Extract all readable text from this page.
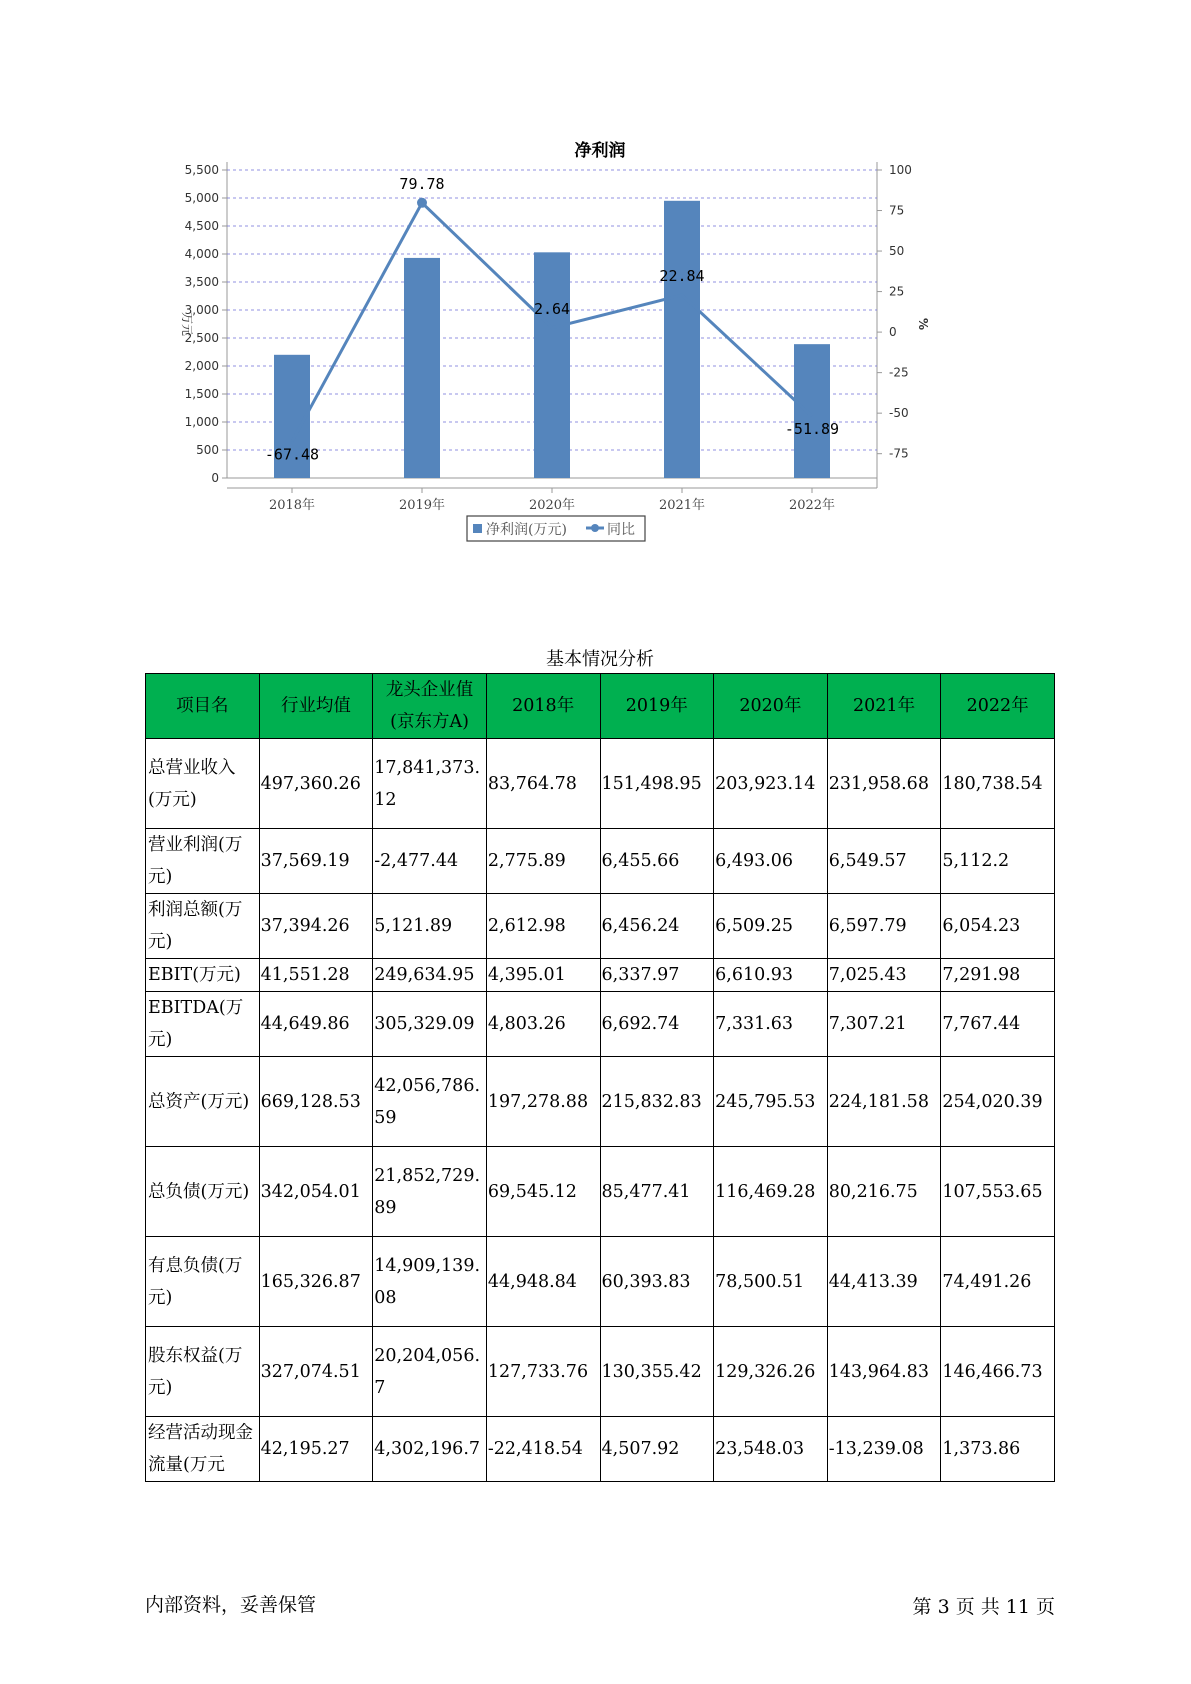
净利润
0
500
1,000
1,500
2,000
2,500
3,000
3,500
4,000
4,500
5,000
5,500
-75
-50
-25
0
25
50
75
100
万元	%
2018年	2019年	2020年	2021年	2022年
-67.48
79.78
2.64
22.84
-51.89
净利润(万元)	同比
基本情况分析
项目名	行业均值	龙头企业值(京东方A)	2018年	2019年	2020年	2021年	2022年
总营业收入(万元)	497,360.26	17,841,373.12	83,764.78	151,498.95	203,923.14	231,958.68	180,738.54
营业利润(万元)	37,569.19	-2,477.44	2,775.89	6,455.66	6,493.06	6,549.57	5,112.2
利润总额(万元)	37,394.26	5,121.89	2,612.98	6,456.24	6,509.25	6,597.79	6,054.23
EBIT(万元)	41,551.28	249,634.95	4,395.01	6,337.97	6,610.93	7,025.43	7,291.98
EBITDA(万元)	44,649.86	305,329.09	4,803.26	6,692.74	7,331.63	7,307.21	7,767.44
总资产(万元)	669,128.53	42,056,786.59	197,278.88	215,832.83	245,795.53	224,181.58	254,020.39
总负债(万元)	342,054.01	21,852,729.89	69,545.12	85,477.41	116,469.28	80,216.75	107,553.65
有息负债(万元)	165,326.87	14,909,139.08	44,948.84	60,393.83	78,500.51	44,413.39	74,491.26
股东权益(万元)	327,074.51	20,204,056.7	127,733.76	130,355.42	129,326.26	143,964.83	146,466.73
经营活动现金流量(万元	42,195.27	4,302,196.7	-22,418.54	4,507.92	23,548.03	-13,239.08	1,373.86
内部资料，妥善保管	第 3 页 共 11 页
